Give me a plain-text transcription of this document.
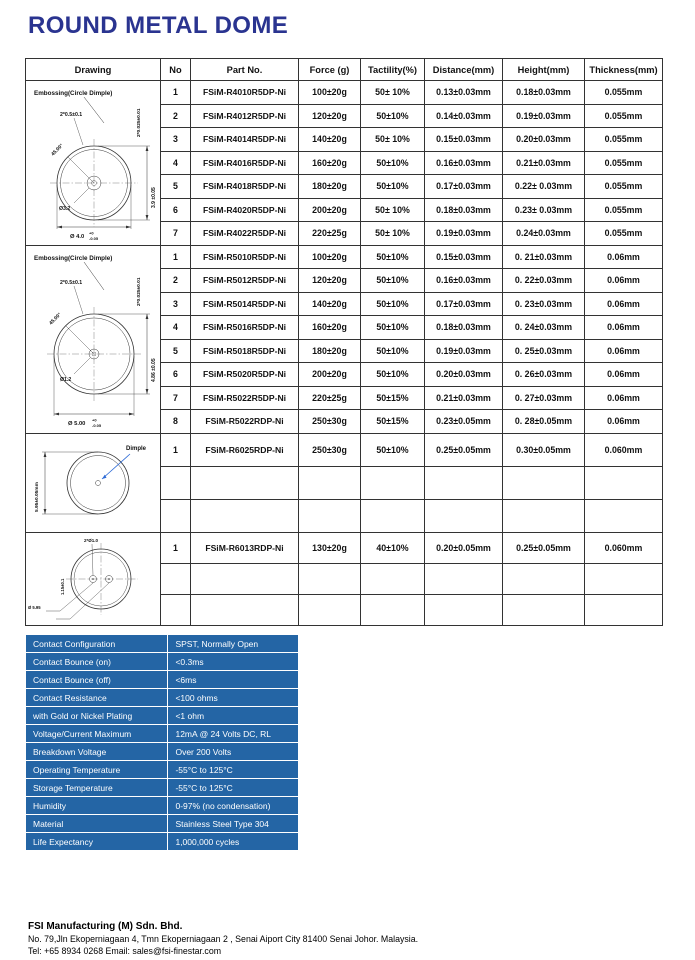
ROUND METAL DOME
Drawing	No	Part No.	Force (g)	Tactility(%)	Distance(mm)	Height(mm)	Thickness(mm)

Embossing(Circle Dimple)
2*0.5±0.1	2*0.025±0.01
45.00°
Ø3.2
Ø 4.0
+0
-0.05
3.9 ±0.05
	1	FSiM-R4010R5DP-Ni	100±20g	50± 10%	0.13±0.03mm	0.18±0.03mm	0.055mm
	2	FSiM-R4012R5DP-Ni	120±20g	50±10%	0.14±0.03mm	0.19±0.03mm	0.055mm
	3	FSiM-R4014R5DP-Ni	140±20g	50± 10%	0.15±0.03mm	0.20±0.03mm	0.055mm
	4	FSiM-R4016R5DP-Ni	160±20g	50±10%	0.16±0.03mm	0.21±0.03mm	0.055mm
	5	FSiM-R4018R5DP-Ni	180±20g	50±10%	0.17±0.03mm	0.22± 0.03mm	0.055mm
	6	FSiM-R4020R5DP-Ni	200±20g	50± 10%	0.18±0.03mm	0.23± 0.03mm	0.055mm
	7	FSiM-R4022R5DP-Ni	220±25g	50± 10%	0.19±0.03mm	0.24±0.03mm	0.055mm

Embossing(Circle Dimple)
2*0.5±0.1	2*0.025±0.01
45.00°
Ø1.2
Ø 5.00
+0
-0.05
4.86 ±0.05
	1	FSiM-R5010R5DP-Ni	100±20g	50±10%	0.15±0.03mm	0. 21±0.03mm	0.06mm
	2	FSiM-R5012R5DP-Ni	120±20g	50±10%	0.16±0.03mm	0. 22±0.03mm	0.06mm
	3	FSiM-R5014R5DP-Ni	140±20g	50±10%	0.17±0.03mm	0. 23±0.03mm	0.06mm
	4	FSiM-R5016R5DP-Ni	160±20g	50±10%	0.18±0.03mm	0. 24±0.03mm	0.06mm
	5	FSiM-R5018R5DP-Ni	180±20g	50±10%	0.19±0.03mm	0. 25±0.03mm	0.06mm
	6	FSiM-R5020R5DP-Ni	200±20g	50±10%	0.20±0.03mm	0. 26±0.03mm	0.06mm
	7	FSiM-R5022R5DP-Ni	220±25g	50±15%	0.21±0.03mm	0. 27±0.03mm	0.06mm
	8	FSiM-R5022RDP-Ni	250±30g	50±15%	0.23±0.05mm	0. 28±0.05mm	0.06mm

Dimple
5.95±0.05mm	1	FSiM-R6025RDP-Ni	250±30g	50±10%	0.25±0.05mm	0.30±0.05mm	0.060mm

2*Ø1.0
1.15±0.1
Ø 5.95	1	FSiM-R6013RDP-Ni	130±20g	40±10%	0.20±0.05mm	0.25±0.05mm	0.060mm

Contact Configuration	SPST, Normally Open
Contact Bounce (on)	<0.3ms
Contact Bounce (off)	<6ms
Contact Resistance	<100 ohms
with Gold or Nickel Plating	<1 ohm
Voltage/Current Maximum	12mA @ 24 Volts DC, RL
Breakdown Voltage	Over 200 Volts
Operating Temperature	-55°C to 125°C
Storage Temperature	-55°C to 125°C
Humidity	0-97% (no condensation)
Material	Stainless Steel Type 304
Life Expectancy	1,000,000 cycles
FSI Manufacturing (M) Sdn. Bhd.
No. 79,Jln Ekoperniagaan 4, Tmn Ekoperniagaan 2 , Senai Aiport City 81400 Senai Johor. Malaysia.
Tel: +65 8934 0268 Email: sales@fsi-finestar.com
